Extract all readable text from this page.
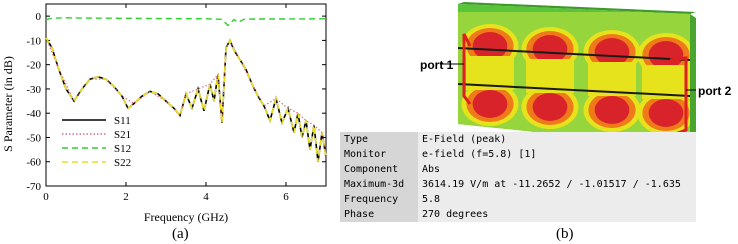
0
-10
-20
-30
-40
-50
-60
-70
0	2	4	6
S11
S21
S12
S22
S Parameter (in dB)
Frequency (GHz)
(a)
port 1
port 2
Type	E-Field (peak)
Monitor	e-field (f=5.8) [1]
Component	Abs
Maximum-3d	3614.19 V/m at -11.2652 / -1.01517 / -1.635
Frequency	5.8
Phase	270 degrees
(b)
